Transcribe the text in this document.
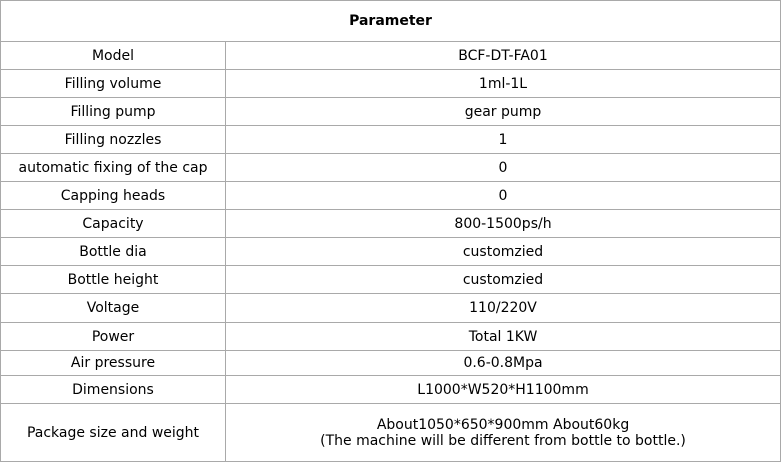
Parameter	
Model	BCF-DT-FA01
Filling volume	1ml-1L
Filling pump	gear pump
Filling nozzles	1
automatic fixing of the cap	0
Capping heads	0
Capacity	800-1500ps/h
Bottle dia	customzied
Bottle height	customzied
Voltage	110/220V
Power	Total 1KW
Air pressure	0.6-0.8Mpa
Dimensions	L1000*W520*H1100mm
Package size and weight	About1050*650*900mm About60kg
(The machine will be different from bottle to bottle.)
